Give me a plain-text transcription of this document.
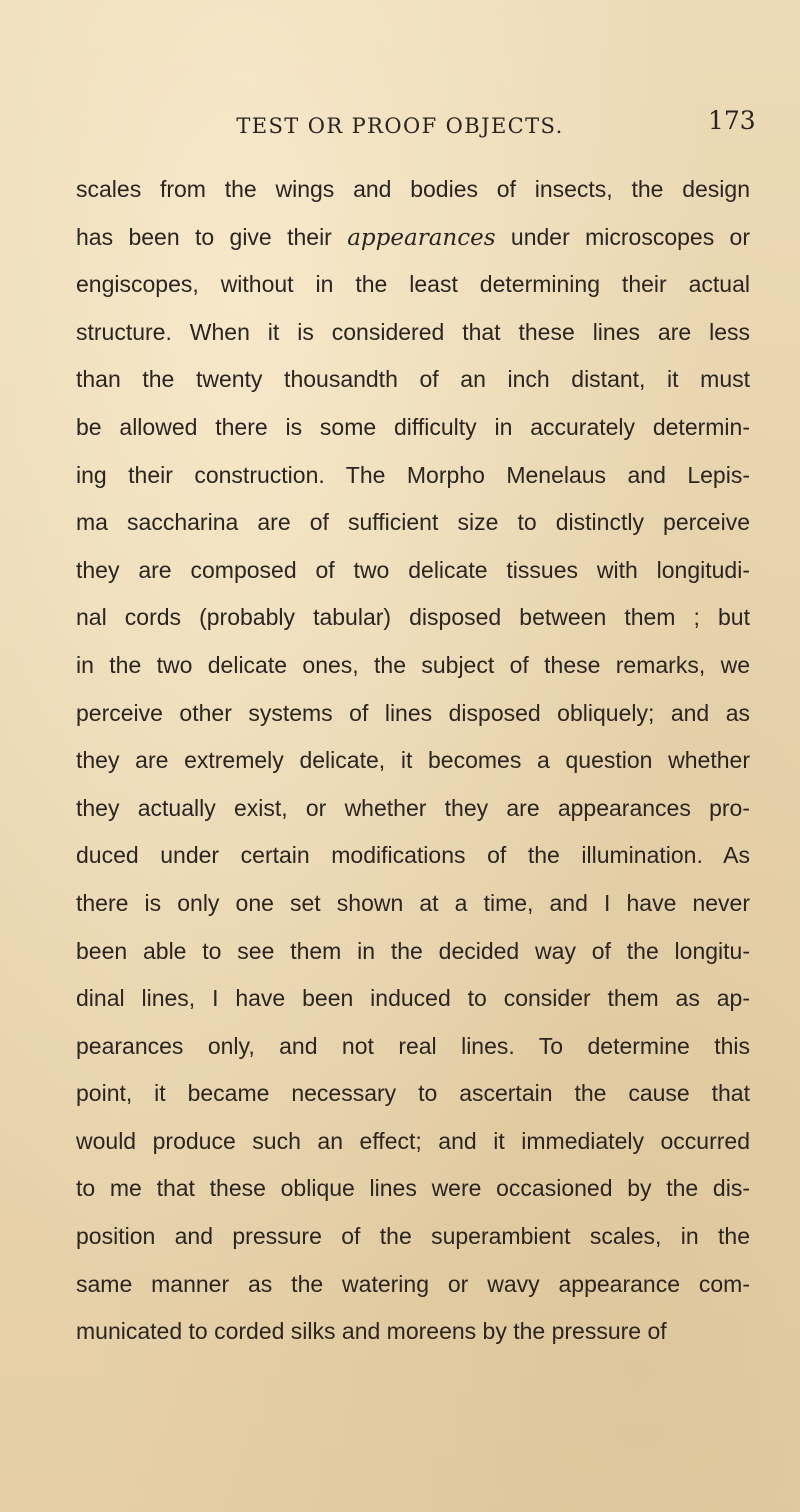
TEST OR PROOF OBJECTS.	173
scales from the wings and bodies of insects, the design
has been to give their appearances under microscopes or
engiscopes, without in the least determining their actual
structure. When it is considered that these lines are less
than the twenty thousandth of an inch distant, it must
be allowed there is some difficulty in accurately determin-
ing their construction. The Morpho Menelaus and Lepis-
ma saccharina are of sufficient size to distinctly perceive
they are composed of two delicate tissues with longitudi-
nal cords (probably tabular) disposed between them ; but
in the two delicate ones, the subject of these remarks, we
perceive other systems of lines disposed obliquely; and as
they are extremely delicate, it becomes a question whether
they actually exist, or whether they are appearances pro-
duced under certain modifications of the illumination. As
there is only one set shown at a time, and I have never
been able to see them in the decided way of the longitu-
dinal lines, I have been induced to consider them as ap-
pearances only, and not real lines. To determine this
point, it became necessary to ascertain the cause that
would produce such an effect; and it immediately occurred
to me that these oblique lines were occasioned by the dis-
position and pressure of the superambient scales, in the
same manner as the watering or wavy appearance com-
municated to corded silks and moreens by the pressure of
